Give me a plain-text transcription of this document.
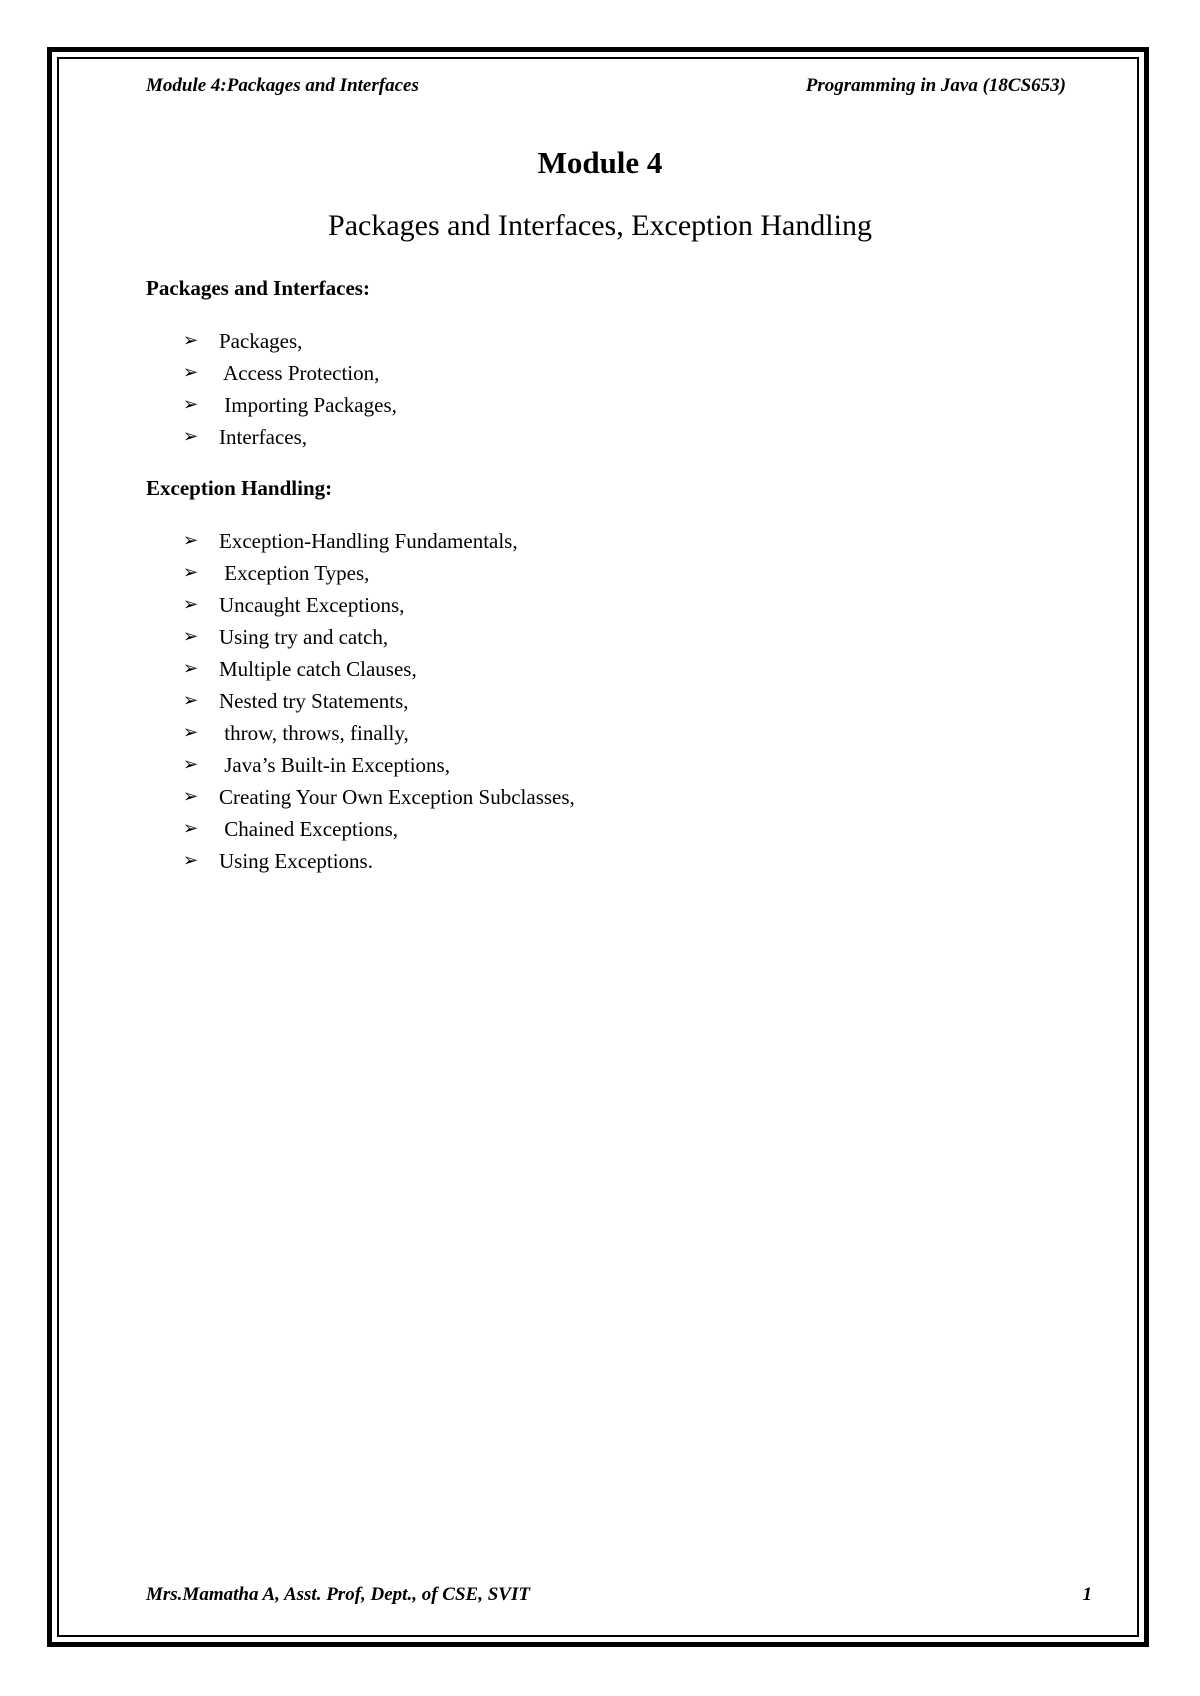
Module 4:Packages and Interfaces	Programming in Java (18CS653)
Module 4
Packages and Interfaces, Exception Handling
Packages and Interfaces:
➢ Packages,
➢ Access Protection,
➢ Importing Packages,
➢ Interfaces,
Exception Handling:
➢ Exception-Handling Fundamentals,
➢ Exception Types,
➢ Uncaught Exceptions,
➢ Using try and catch,
➢ Multiple catch Clauses,
➢ Nested try Statements,
➢ throw, throws, finally,
➢ Java’s Built-in Exceptions,
➢ Creating Your Own Exception Subclasses,
➢ Chained Exceptions,
➢ Using Exceptions.
Mrs.Mamatha A, Asst. Prof, Dept., of CSE, SVIT	1
